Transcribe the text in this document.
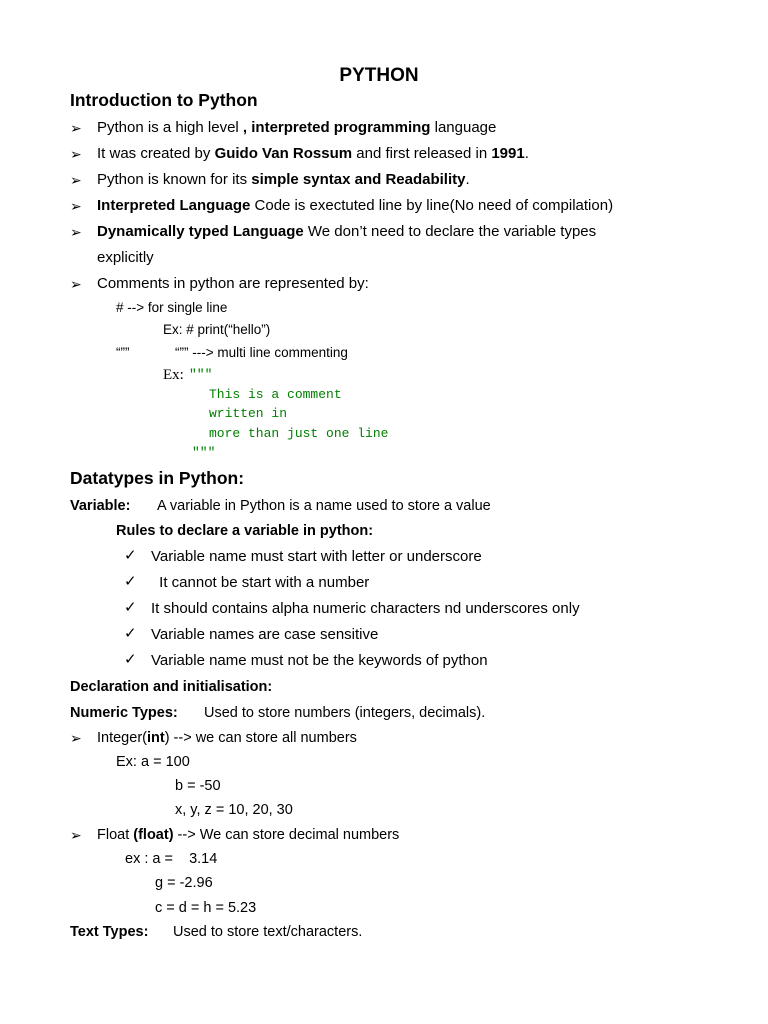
PYTHON
Introduction to Python
➢ Python is a high level , interpreted programming language
➢ It was created by Guido Van Rossum and first released in 1991.
➢ Python is known for its simple syntax and Readability.
➢ Interpreted Language Code is exectuted line by line(No need of compilation)
➢ Dynamically typed Language We don’t need to declare the variable types
explicitly
➢ Comments in python are represented by:
# --> for single line
Ex: # print(“hello”)
“””	“”” ---> multi line commenting
Ex: """
This is a comment
written in
more than just one line
"""
Datatypes in Python:
Variable: A variable in Python is a name used to store a value
Rules to declare a variable in python:
✓ Variable name must start with letter or underscore
✓ It cannot be start with a number
✓ It should contains alpha numeric characters nd underscores only
✓ Variable names are case sensitive
✓ Variable name must not be the keywords of python
Declaration and initialisation:
Numeric Types: Used to store numbers (integers, decimals).
➢ Integer(int) --> we can store all numbers
Ex: a = 100
b = -50
x, y, z = 10, 20, 30
➢ Float (float) --> We can store decimal numbers
ex : a =    3.14
g = -2.96
c = d = h = 5.23
Text Types: Used to store text/characters.
